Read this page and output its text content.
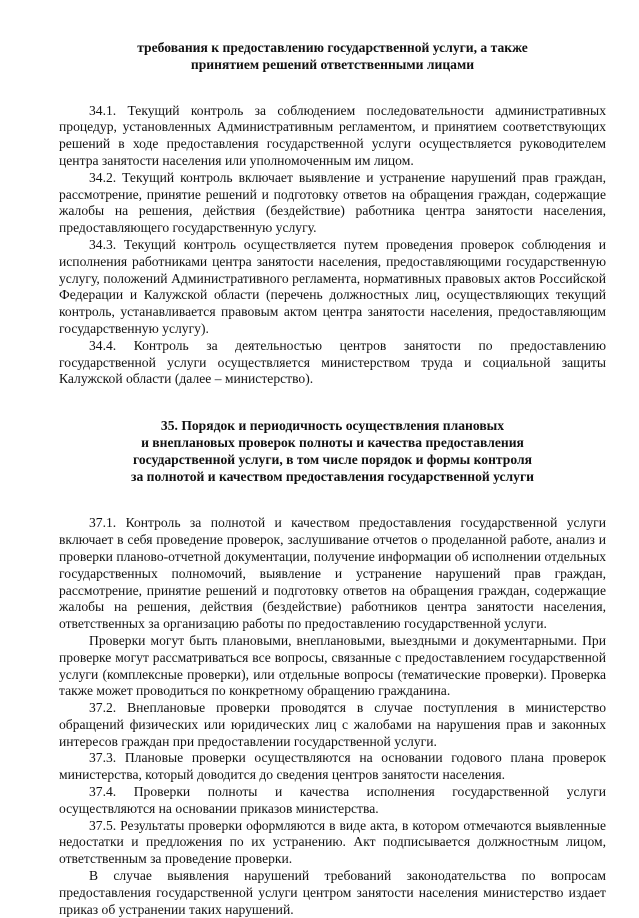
требования к предоставлению государственной услуги, а также
принятием решений ответственными лицами

34.1. Текущий контроль за соблюдением последовательности административных процедур, установленных Административным регламентом, и принятием соответствующих решений в ходе предоставления государственной услуги осуществляется руководителем центра занятости населения или уполномоченным им лицом.

34.2. Текущий контроль включает выявление и устранение нарушений прав граждан, рассмотрение, принятие решений и подготовку ответов на обращения граждан, содержащие жалобы на решения, действия (бездействие) работника центра занятости населения, предоставляющего государственную услугу.

34.3. Текущий контроль осуществляется путем проведения проверок соблюдения и исполнения работниками центра занятости населения, предоставляющими государственную услугу, положений Административного регламента, нормативных правовых актов Российской Федерации и Калужской области (перечень должностных лиц, осуществляющих текущий контроль, устанавливается правовым актом центра занятости населения, предоставляющим государственную услугу).

34.4. Контроль за деятельностью центров занятости по предоставлению государственной услуги осуществляется министерством труда и социальной защиты Калужской области (далее – министерство).

35. Порядок и периодичность осуществления плановых
и внеплановых проверок полноты и качества предоставления
государственной услуги, в том числе порядок и формы контроля
за полнотой и качеством предоставления государственной услуги

37.1. Контроль за полнотой и качеством предоставления государственной услуги включает в себя проведение проверок, заслушивание отчетов о проделанной работе, анализ и проверки планово-отчетной документации, получение информации об исполнении отдельных государственных полномочий, выявление и устранение нарушений прав граждан, рассмотрение, принятие решений и подготовку ответов на обращения граждан, содержащие жалобы на решения, действия (бездействие) работников центра занятости населения, ответственных за организацию работы по предоставлению государственной услуги.

Проверки могут быть плановыми, внеплановыми, выездными и документарными. При проверке могут рассматриваться все вопросы, связанные с предоставлением государственной услуги (комплексные проверки), или отдельные вопросы (тематические проверки). Проверка также может проводиться по конкретному обращению гражданина.

37.2. Внеплановые проверки проводятся в случае поступления в министерство обращений физических или юридических лиц с жалобами на нарушения прав и законных интересов граждан при предоставлении государственной услуги.

37.3. Плановые проверки осуществляются на основании годового плана проверок министерства, который доводится до сведения центров занятости населения.

37.4. Проверки полноты и качества исполнения государственной услуги осуществляются на основании приказов министерства.

37.5. Результаты проверки оформляются в виде акта, в котором отмечаются выявленные недостатки и предложения по их устранению. Акт подписывается должностным лицом, ответственным за проведение проверки.

В случае выявления нарушений требований законодательства по вопросам предоставления государственной услуги центром занятости населения министерство издает приказ об устранении таких нарушений.
